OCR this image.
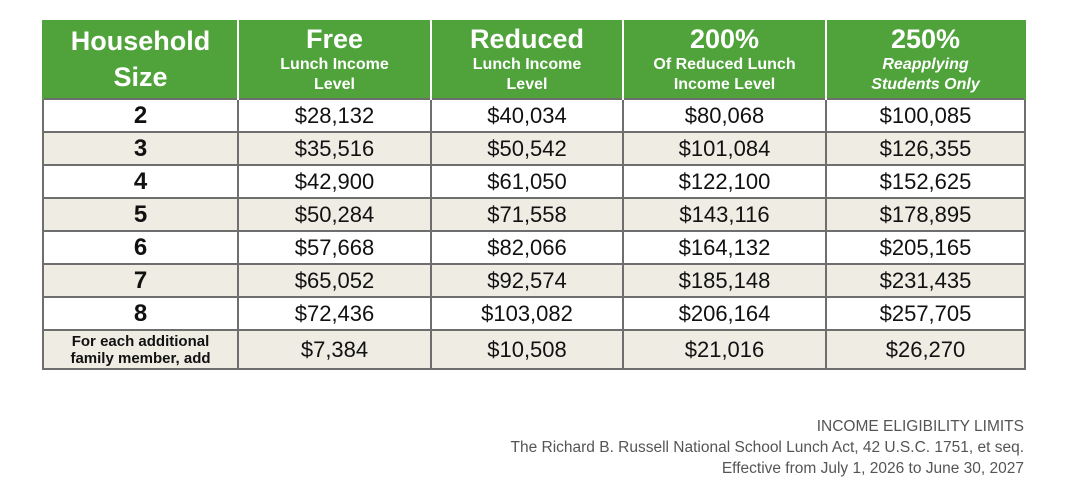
Household
Size	Free
Lunch Income
Level	Reduced
Lunch Income
Level	200%
Of Reduced Lunch
Income Level	250%
Reapplying
Students Only

2	$28,132	$40,034	$80,068	$100,085
3	$35,516	$50,542	$101,084	$126,355
4	$42,900	$61,050	$122,100	$152,625
5	$50,284	$71,558	$143,116	$178,895
6	$57,668	$82,066	$164,132	$205,165
7	$65,052	$92,574	$185,148	$231,435
8	$72,436	$103,082	$206,164	$257,705

For each additional
family member, add	$7,384	$10,508	$21,016	$26,270
INCOME ELIGIBILITY LIMITS
The Richard B. Russell National School Lunch Act, 42 U.S.C. 1751, et seq.
Effective from July 1, 2026 to June 30, 2027
